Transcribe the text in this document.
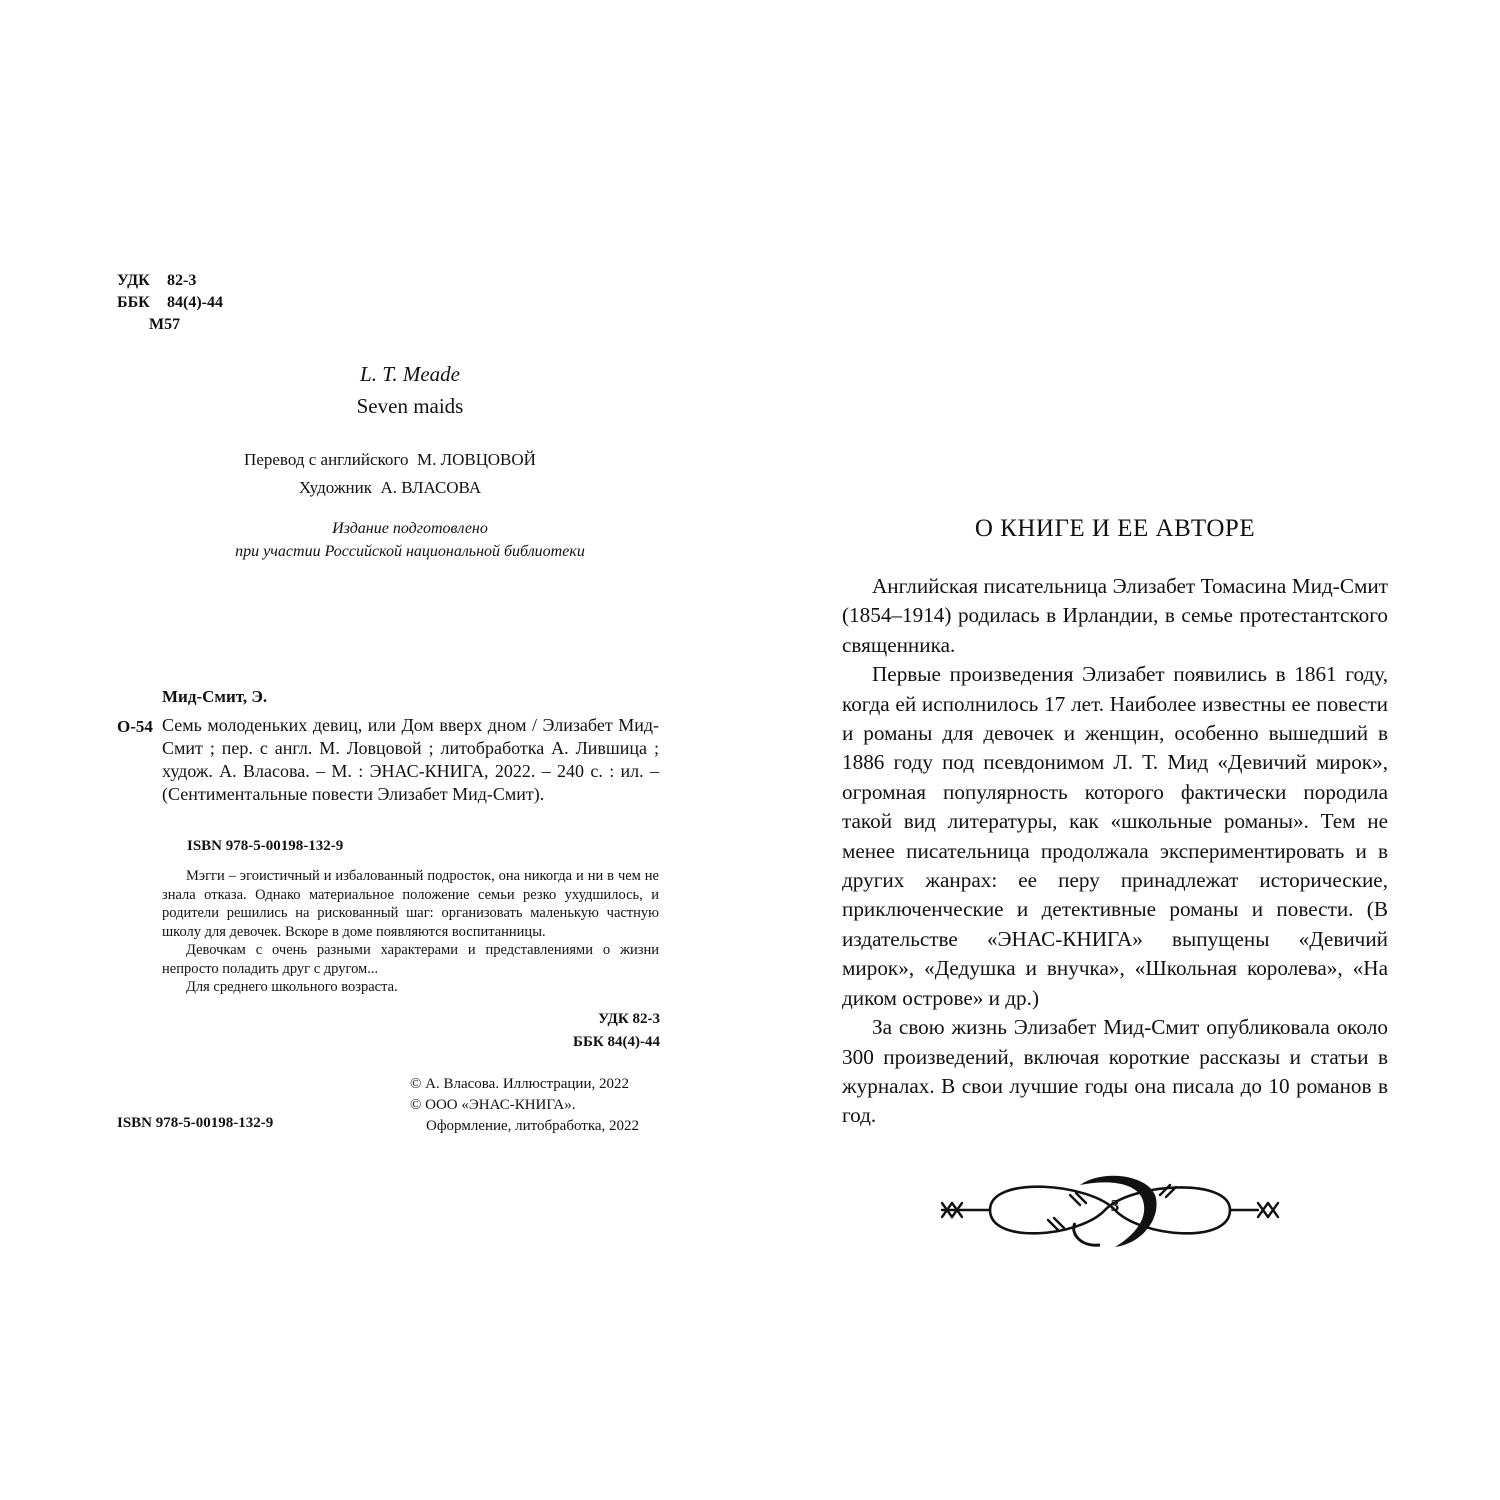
УДК	82-3
ББК	84(4)-44
М57
L. T. Meade
Seven maids
Перевод с английского  М. ЛОВЦОВОЙ
Художник  А. ВЛАСОВА
Издание подготовлено
при участии Российской национальной библиотеки
Мид-Смит, Э.
О-54 Семь молоденьких девиц, или Дом вверх дном / Элизабет Мид-Смит ; пер. с англ. М. Ловцовой ; литобработка А. Лившица ; худож. А. Власова. – М. : ЭНАС-КНИГА, 2022. – 240 с. : ил. – (Сентиментальные повести Элизабет Мид-Смит).
ISBN 978-5-00198-132-9

Мэгги – эгоистичный и избалованный подросток, она никогда и ни в чем не знала отказа. Однако материальное положение семьи резко ухудшилось, и родители решились на рискованный шаг: организовать маленькую частную школу для девочек. Вскоре в доме появляются воспитанницы.

Девочкам с очень разными характерами и представлениями о жизни непросто поладить друг с другом...

Для среднего школьного возраста.

УДК 82-3
ББК 84(4)-44
© А. Власова. Иллюстрации, 2022
© ООО «ЭНАС-КНИГА».
Оформление, литобработка, 2022
ISBN 978-5-00198-132-9
О КНИГЕ И ЕЕ АВТОРЕ

Английская писательница Элизабет Томасина Мид-Смит (1854–1914) родилась в Ирландии, в семье протестантского священника.

Первые произведения Элизабет появились в 1861 году, когда ей исполнилось 17 лет. Наиболее известны ее повести и романы для девочек и женщин, особенно вышедший в 1886 году под псевдонимом Л. Т. Мид «Девичий мирок», огромная популярность которого фактически породила такой вид литературы, как «школьные романы». Тем не менее писательница продолжала экспериментировать и в других жанрах: ее перу принадлежат исторические, приключенческие и детективные романы и повести. (В издательстве «ЭНАС-КНИГА» выпущены «Девичий мирок», «Дедушка и внучка», «Школьная королева», «На диком острове» и др.)

За свою жизнь Элизабет Мид-Смит опубликовала около 300 произведений, включая короткие рассказы и статьи в журналах. В свои лучшие годы она писала до 10 романов в год.

3
